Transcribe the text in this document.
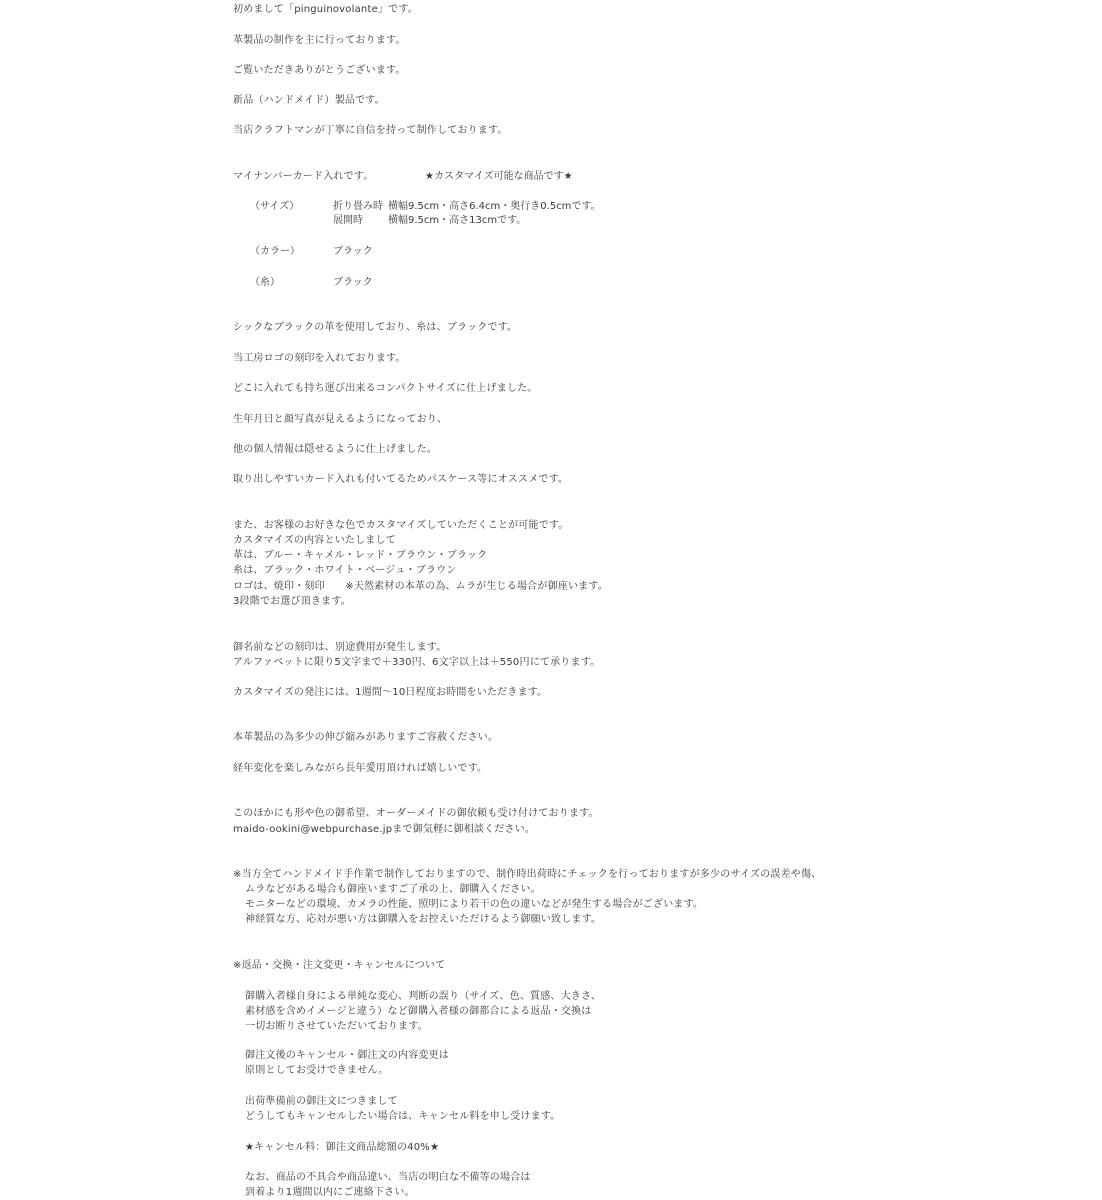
初めまして「pinguinovolante」です。
革製品の制作を主に行っております。
ご覧いただきありがとうございます。
新品（ハンドメイド）製品です。
当店クラフトマンが丁寧に自信を持って制作しております。
マイナンバーカード入れです。	★カスタマイズ可能な商品です★
（サイズ）	折り畳み時 横幅9.5cm・高さ6.4cm・奥行き0.5cmです。
展開時	横幅9.5cm・高さ13cmです。
（カラー）	ブラック
（糸）	ブラック
シックなブラックの革を使用しており、糸は、ブラックです。
当工房ロゴの刻印を入れております。
どこに入れても持ち運び出来るコンパクトサイズに仕上げました。
生年月日と顔写真が見えるようになっており、
他の個人情報は隠せるように仕上げました。
取り出しやすいカード入れも付いてるためパスケース等にオススメです。
また、お客様のお好きな色でカスタマイズしていただくことが可能です。
カスタマイズの内容といたしまして
革は、ブルー・キャメル・レッド・ブラウン・ブラック
糸は、ブラック・ホワイト・ベージュ・ブラウン
ロゴは、焼印・刻印　　※天然素材の本革の為、ムラが生じる場合が御座います。
3段階でお選び頂きます。
御名前などの刻印は、別途費用が発生します。
アルファベットに限り5文字まで＋330円、6文字以上は＋550円にて承ります。
カスタマイズの発注には、1週間～10日程度お時間をいただきます。
本革製品の為多少の伸び縮みがありますご容赦ください。
経年変化を楽しみながら長年愛用頂ければ嬉しいです。
このほかにも形や色の御希望、オーダーメイドの御依頼も受け付けております。
maido-ookini@webpurchase.jpまで御気軽に御相談ください。
※当方全てハンドメイド手作業で制作しておりますので、制作時出荷時にチェックを行っておりますが多少のサイズの誤差や傷、
ムラなどがある場合も御座いますご了承の上、御購入ください。
モニターなどの環境、カメラの性能、照明により若干の色の違いなどが発生する場合がございます。
神経質な方、応対が悪い方は御購入をお控えいただけるよう御願い致します。
※返品・交換・注文変更・キャンセルについて
御購入者様自身による単純な変心、判断の誤り（サイズ、色、質感、大きさ、
素材感を含めイメージと違う）など御購入者様の御都合による返品・交換は
一切お断りさせていただいております。
御注文後のキャンセル・御注文の内容変更は
原則としてお受けできません。
出荷準備前の御注文につきまして
どうしてもキャンセルしたい場合は、キャンセル料を申し受けます。
★キャンセル料：御注文商品総額の40%★
なお、商品の不具合や商品違い、当店の明白な不備等の場合は
到着より1週間以内にご連絡下さい。
